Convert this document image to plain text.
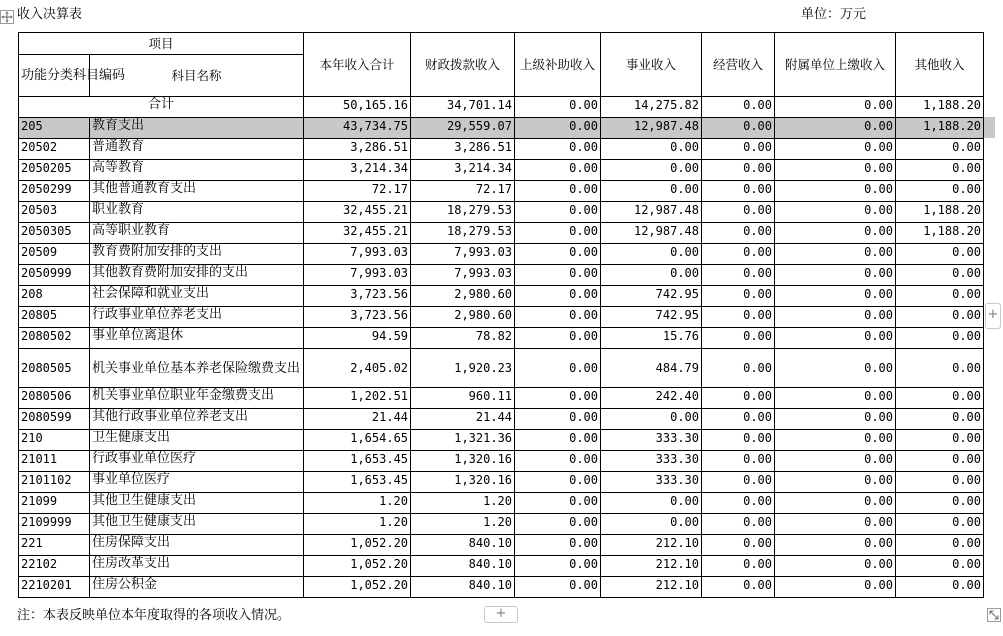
收入决算表	单位：万元
项目		本年收入合计	财政拨款收入	上级补助收入	事业收入	经营收入	附属单位上缴收入	其他收入
功能分类科目编码	科目名称							
合计		50,165.16	34,701.14	0.00	14,275.82	0.00	0.00	1,188.20
205	教育支出	43,734.75	29,559.07	0.00	12,987.48	0.00	0.00	1,188.20
20502	普通教育	3,286.51	3,286.51	0.00	0.00	0.00	0.00	0.00
2050205	高等教育	3,214.34	3,214.34	0.00	0.00	0.00	0.00	0.00
2050299	其他普通教育支出	72.17	72.17	0.00	0.00	0.00	0.00	0.00
20503	职业教育	32,455.21	18,279.53	0.00	12,987.48	0.00	0.00	1,188.20
2050305	高等职业教育	32,455.21	18,279.53	0.00	12,987.48	0.00	0.00	1,188.20
20509	教育费附加安排的支出	7,993.03	7,993.03	0.00	0.00	0.00	0.00	0.00
2050999	其他教育费附加安排的支出	7,993.03	7,993.03	0.00	0.00	0.00	0.00	0.00
208	社会保障和就业支出	3,723.56	2,980.60	0.00	742.95	0.00	0.00	0.00
20805	行政事业单位养老支出	3,723.56	2,980.60	0.00	742.95	0.00	0.00	0.00
2080502	事业单位离退休	94.59	78.82	0.00	15.76	0.00	0.00	0.00
2080505	机关事业单位基本养老保险缴费支出	2,405.02	1,920.23	0.00	484.79	0.00	0.00	0.00
2080506	机关事业单位职业年金缴费支出	1,202.51	960.11	0.00	242.40	0.00	0.00	0.00
2080599	其他行政事业单位养老支出	21.44	21.44	0.00	0.00	0.00	0.00	0.00
210	卫生健康支出	1,654.65	1,321.36	0.00	333.30	0.00	0.00	0.00
21011	行政事业单位医疗	1,653.45	1,320.16	0.00	333.30	0.00	0.00	0.00
2101102	事业单位医疗	1,653.45	1,320.16	0.00	333.30	0.00	0.00	0.00
21099	其他卫生健康支出	1.20	1.20	0.00	0.00	0.00	0.00	0.00
2109999	其他卫生健康支出	1.20	1.20	0.00	0.00	0.00	0.00	0.00
221	住房保障支出	1,052.20	840.10	0.00	212.10	0.00	0.00	0.00
22102	住房改革支出	1,052.20	840.10	0.00	212.10	0.00	0.00	0.00
2210201	住房公积金	1,052.20	840.10	0.00	212.10	0.00	0.00	0.00
+
+
注：本表反映单位本年度取得的各项收入情况。
